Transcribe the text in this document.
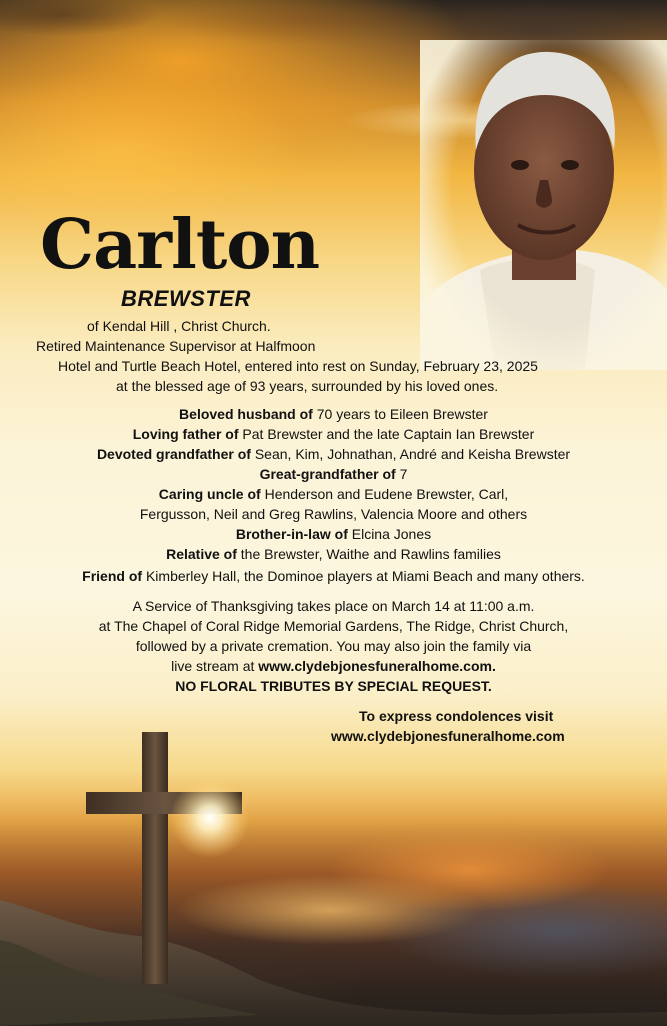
Carlton
BREWSTER

of Kendal Hill , Christ Church.

Retired Maintenance Supervisor at Halfmoon

Hotel and Turtle Beach Hotel, entered into rest on Sunday, February 23, 2025

at the blessed age of 93 years, surrounded by his loved ones.

Beloved husband of 70 years to Eileen Brewster

Loving father of Pat Brewster and the late Captain Ian Brewster

Devoted grandfather of Sean, Kim, Johnathan, André and Keisha Brewster

Great-grandfather of 7

Caring uncle of Henderson and Eudene Brewster, Carl,

Fergusson, Neil and Greg Rawlins, Valencia Moore and others

Brother-in-law of Elcina Jones

Relative of the Brewster, Waithe and Rawlins families

Friend of Kimberley Hall, the Dominoe players at Miami Beach and many others.

A Service of Thanksgiving takes place on March 14 at 11:00 a.m.

at The Chapel of Coral Ridge Memorial Gardens, The Ridge, Christ Church,

followed by a private cremation. You may also join the family via

live stream at www.clydebjonesfuneralhome.com.

NO FLORAL TRIBUTES BY SPECIAL REQUEST.

To express condolences visit

www.clydebjonesfuneralhome.com
